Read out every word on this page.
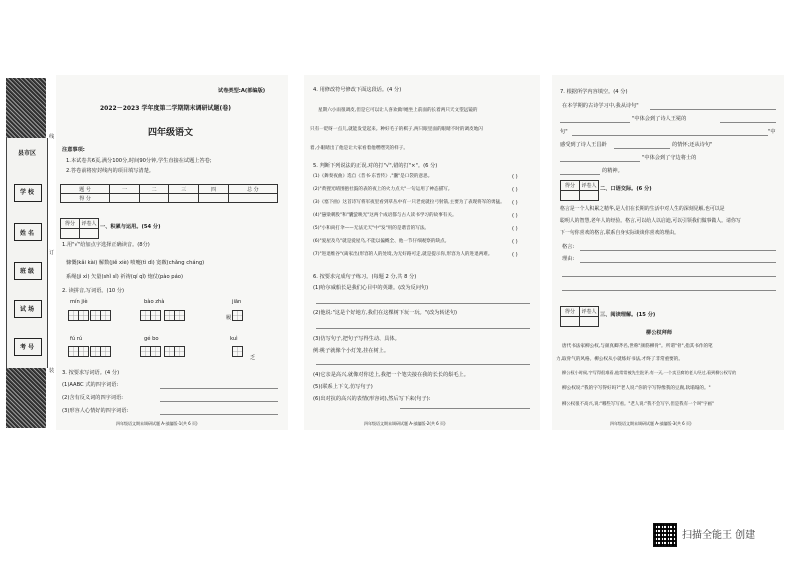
县市区
学 校
姓 名
班 级
试 场
考 号
线
订
装
试卷类型:A(部编版)
2022－2023 学年度第二学期期末调研试题(卷)
四年级语文
注意事项:
1.本试卷共6页,满分100分,时间90分钟,学生直接在试题上答卷;
2.答卷前将密封线内的项目填写清楚。
题 号	一	二	三	四	总 分
得 分					
得分	评卷人
	一、积累与运用。(54 分)
1.用"√"给加点字选择正确读音。(8分)
慷慨(kǎi kài) 解数(jiě xiè) 喷嚏(tì dì) 宽敞(chǎng cháng)
系绳(jì xì) 矢量(shǐ sǐ) 祈祷(qí qǐ) 炮仗(pào páo)
2. 读拼音,写词语。(10 分)
mín jiè	bào zhà	jiān
履
fú rú	gé bo	kuì
乏
3. 按要求写词语。(4 分)
(1)AABC 式的四字词语:
(2)含有反义词的四字词语:
(3)形容人心情好的四字词语:
四年级语文期末调研试题 A-部编版-1(共 6 页)
4. 用修改符号修改下面这段话。(4 分)
星期六小雨很调皮,但是它可以让人喜欢做!她坐上前面的长着两只天文望远镜的
只有一眨呀一点儿,就能发觉起来。种好毛子的棋子,两只眼里面的眼睛不时的调皮地闪
着,小眼睛出了他是让大家看着他嘿嘿笑的样子。
5. 判断下列说法的正误,对的打"√",错的打"×"。(6 分)
(1)《舞奏夜曲》选自《昔书·东晋传》,"囊"是口袋的意思。	( )
(2)"黄狸光晴围抱社鼓的表的夜上的火力点大"一句运用了神态描写。	( )
(3)《塞下曲》这首诗写将军夜里看到草丛中有一只老虎就拉弓射箭,主要为了表现将军的勇猛。 ( )
(4)"悬梁刺股"和"囊萤映光"这两个成语都与古人读书学习的故事有关。	( )
(5)"小和尚打伞——无法无天"中"发"用的是谐音的写法。	( )
(6)"爱屋及乌"就是爱屋乌,不能以偏概全、他一节仔细观察的缺点。	( )
(7)"进退维谷"(离家出)形容的人的处境,为无好路可走,就是提示你,形容为人的进退两难。	( )
6. 按要求完成句子练习。(每题 2 分,共 8 分)
(1)哈尔威船长是我们心目中的英雄。(改为反问句)
(2)他说:"这是个好地方,我们在这棵树下玩一玩。"(改为转述句)
(3)仿写句子,把句子写得生动、具体。
例:桃子就像个小灯笼,挂在树上。
(4)它亲是高兴,就像对你送上,我把一个笔尖接在我的长长的鬃毛上。
(5)(联系上下文,仿写句子)
(6)出对抗的高兴的表情(形容词),然后写下来(句子):
四年级语文期末调研试题 A-部编版-2(共 6 页)
7. 根据所学内容填空。(4 分)
在本学期的古诗学习中,我从诗句"
"中体会到了诗人王冕的
句"	"中
感受到了诗人王昌龄	的情怀;还从诗句"
"中体会到了守边将士的
的精神。
得分	评卷人
	二、口语交际。(6 分)
格言是一个人积累之精华,是人们在长期的生活中对人生的深刻见解,也可以是
聪明人的智慧,老年人的经验。格言,可以给人以启迪,可以引领我们做事做人。请你写
下一句你喜欢的格言,联系自身实际谈谈你喜欢的理由。
格言:
理由:
得分	评卷人
	三、阅读理解。(15 分)
柳公权拜师
唐代书法家柳公权,与颜真卿齐名,世称"颜筋柳骨"。所谓"骨",指其书作的笔
力,取骨气的风格。柳公权从小就练好书法,才终了非常重要的。
柳公权小时候,字写得很难看,他常常被先生批评,有一天,一个卖豆腐的老人经过,看到柳公权写的
柳公权说:"我的字写得好吗?"老人说:"你的字写得像我的豆腐,软塌塌的。"
柳公权很不高兴,说:"哪些写写看。"老人说:"我不会写字,但是我有一个叫"字画"
四年级语文期末调研试题 A-部编版-3(共 6 页)
扫描全能王 创建
